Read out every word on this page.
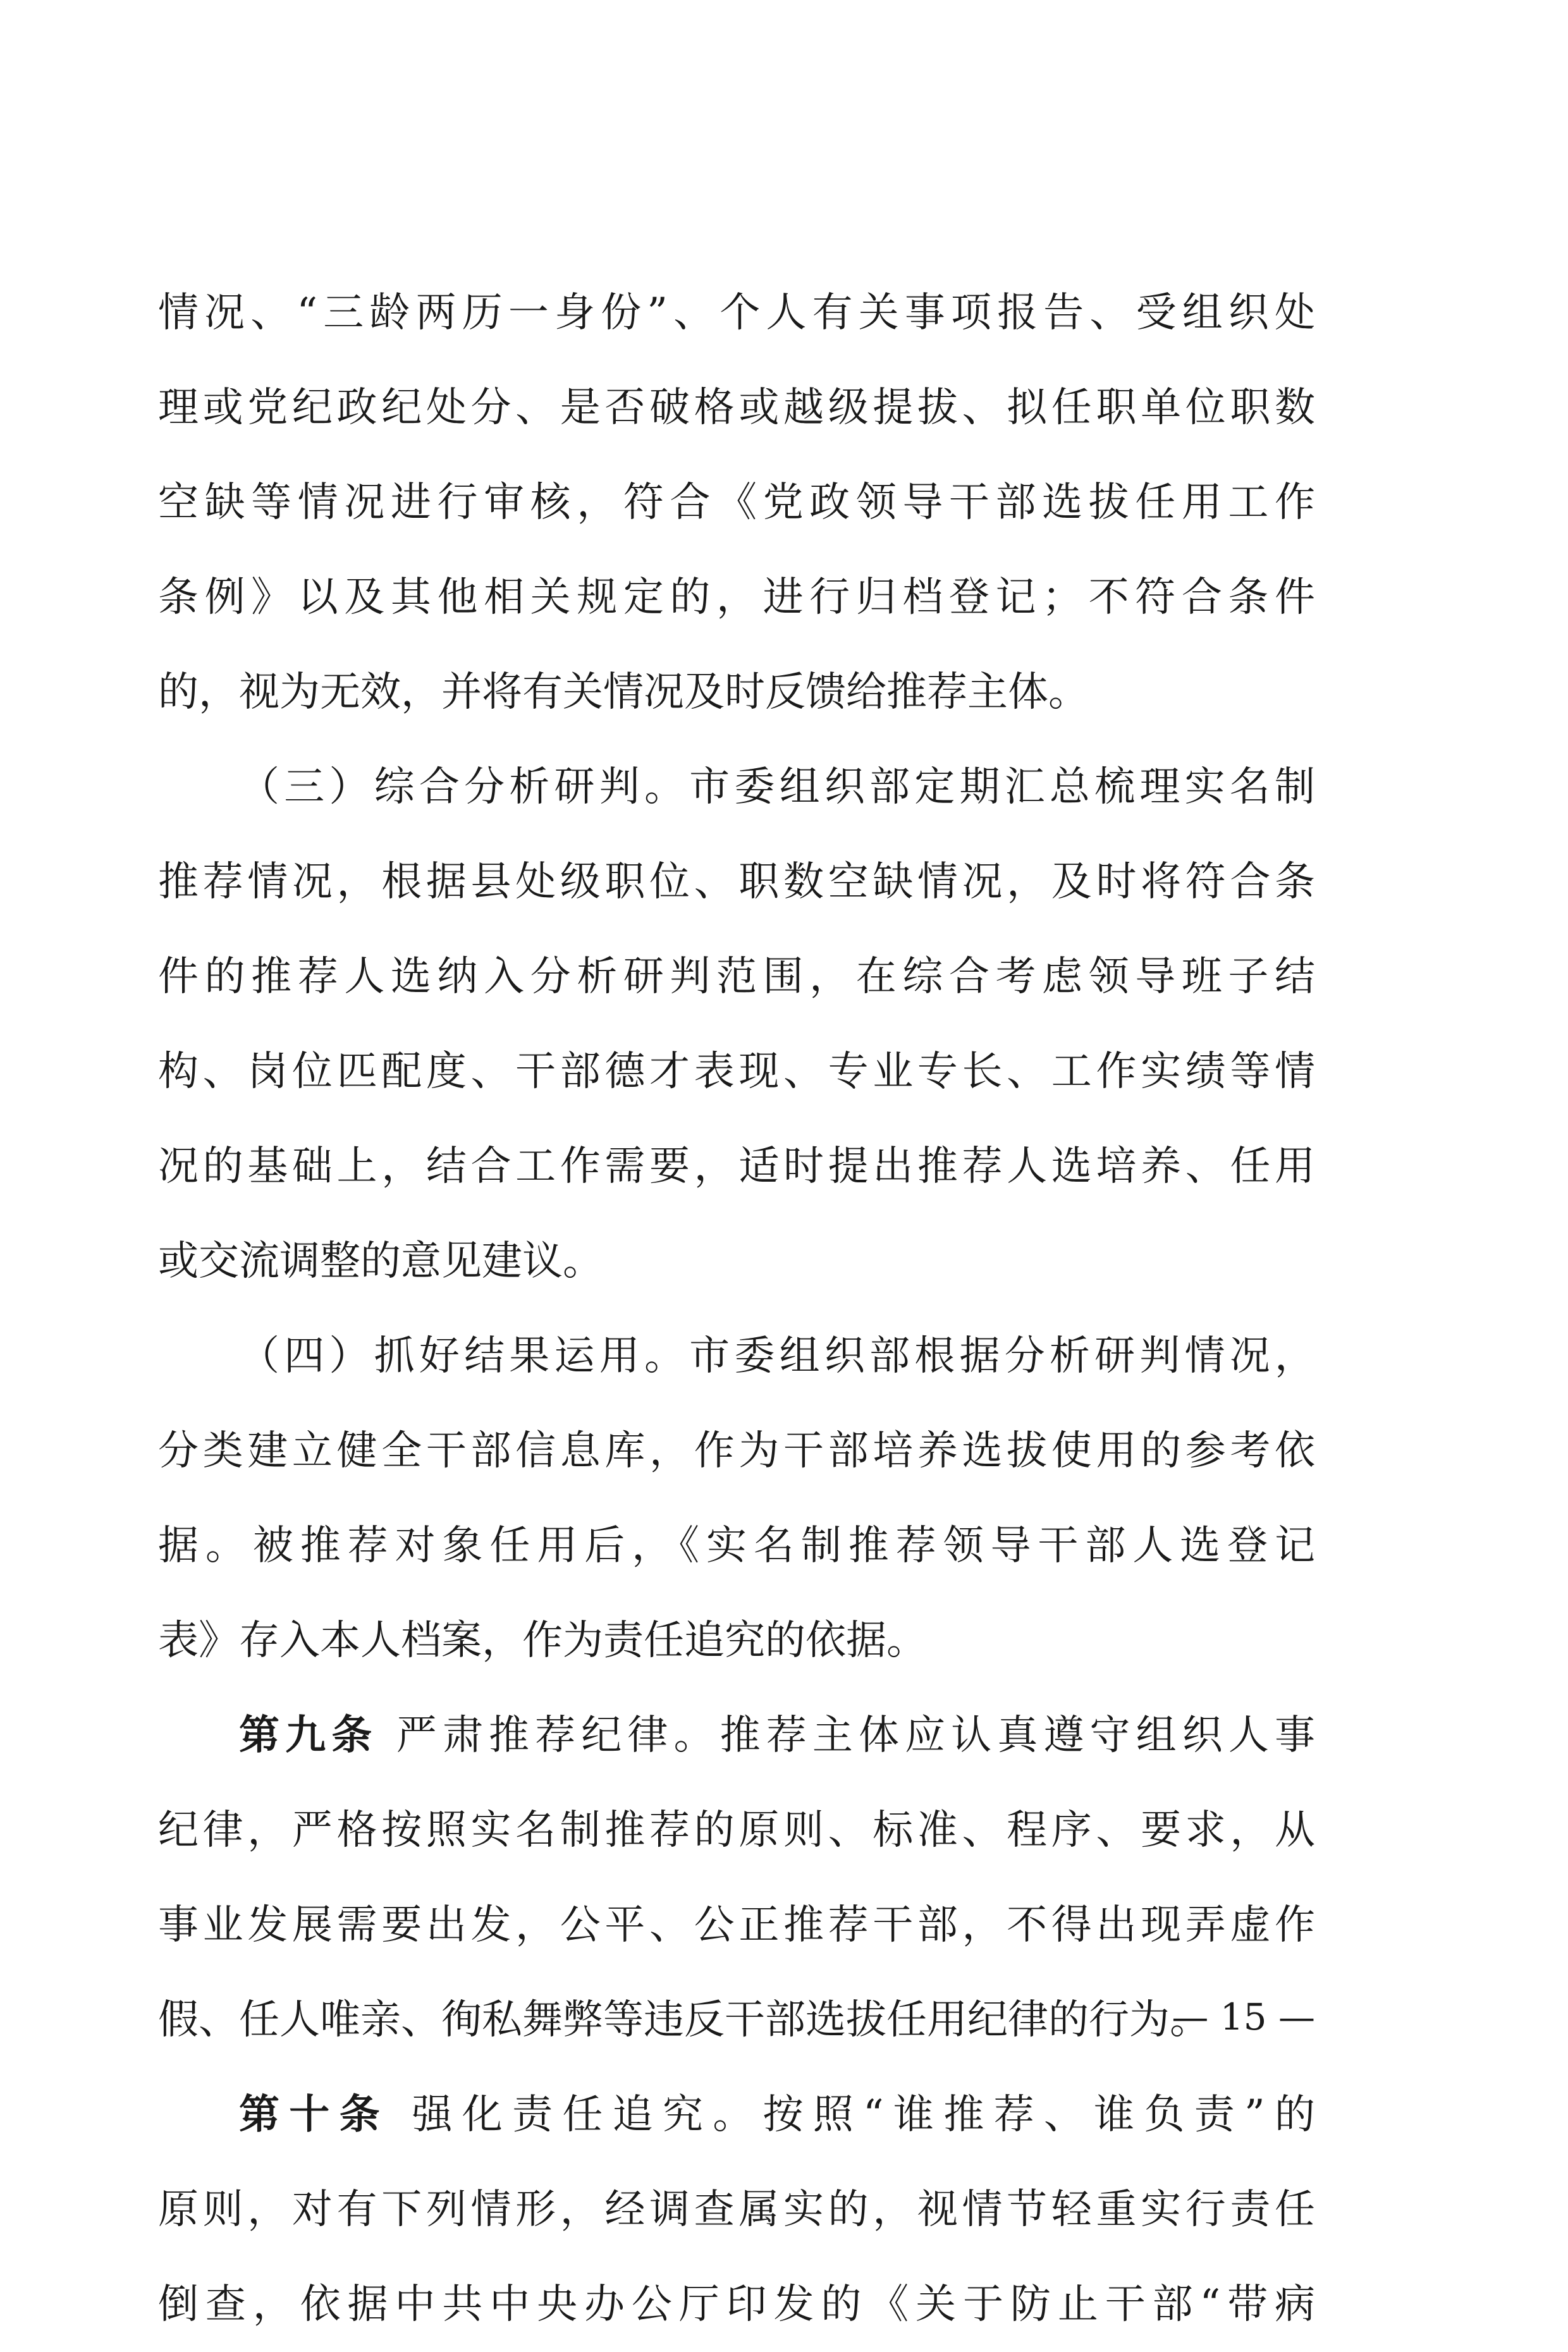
情况、“三龄两历一身份”、个人有关事项报告、受组织处
理或党纪政纪处分、是否破格或越级提拔、拟任职单位职数
空缺等情况进行审核，符合《党政领导干部选拔任用工作
条例》以及其他相关规定的，进行归档登记；不符合条件
的，视为无效，并将有关情况及时反馈给推荐主体。
（三）综合分析研判。市委组织部定期汇总梳理实名制
推荐情况，根据县处级职位、职数空缺情况，及时将符合条
件的推荐人选纳入分析研判范围，在综合考虑领导班子结
构、岗位匹配度、干部德才表现、专业专长、工作实绩等情
况的基础上，结合工作需要，适时提出推荐人选培养、任用
或交流调整的意见建议。
（四）抓好结果运用。市委组织部根据分析研判情况，
分类建立健全干部信息库，作为干部培养选拔使用的参考依
据。被推荐对象任用后，《实名制推荐领导干部人选登记
表》存入本人档案，作为责任追究的依据。
第九条 严肃推荐纪律。推荐主体应认真遵守组织人事
纪律，严格按照实名制推荐的原则、标准、程序、要求，从
事业发展需要出发，公平、公正推荐干部，不得出现弄虚作
假、任人唯亲、徇私舞弊等违反干部选拔任用纪律的行为。
第十条 强化责任追究。按照“谁推荐、谁负责”的
原则，对有下列情形，经调查属实的，视情节轻重实行责任
倒查，依据中共中央办公厅印发的《关于防止干部“带病
— 15 —
